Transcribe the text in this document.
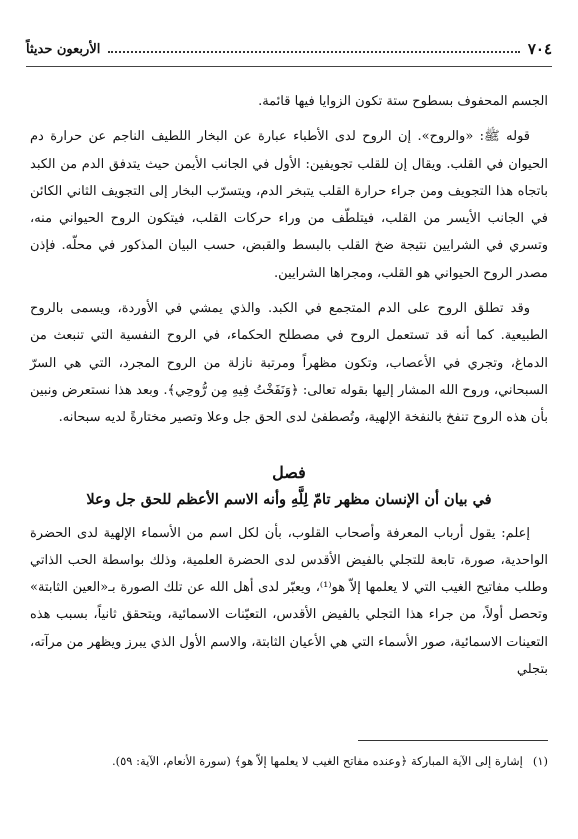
٧٠٤
الأربعون حديثاً

الجسم المحفوف بسطوح ستة تكون الزوايا فيها قائمة.

قوله ﷺ: «والروح». إن الروح لدى الأطباء عبارة عن البخار اللطيف الناجم عن حرارة دم الحيوان في القلب. ويقال إن للقلب تجويفين: الأول في الجانب الأيمن حيث يتدفق الدم من الكبد باتجاه هذا التجويف ومن جراء حرارة القلب يتبخر الدم، ويتسرّب البخار إلى التجويف الثاني الكائن في الجانب الأيسر من القلب، فيتلطّف من وراء حركات القلب، فيتكون الروح الحيواني منه، وتسري في الشرايين نتيجة ضخ القلب بالبسط والقبض، حسب البيان المذكور في محلّه. فإذن مصدر الروح الحيواني هو القلب، ومجراها الشرايين.

وقد تطلق الروح على الدم المتجمع في الكبد. والذي يمشي في الأوردة، ويسمى بالروح الطبيعية. كما أنه قد تستعمل الروح في مصطلح الحكماء، في الروح النفسية التي تنبعث من الدماغ، وتجري في الأعصاب، وتكون مظهراً ومرتبة نازلة من الروح المجرد، التي هي السرّ السبحاني، وروح الله المشار إليها بقوله تعالى: ﴿وَنَفَخْتُ فِيهِ مِن رُّوحِي﴾. وبعد هذا نستعرض ونبين بأن هذه الروح تنفخ بالنفخة الإلهية، وتُصطفىٰ لدى الحق جل وعلا وتصير مختارةً لديه سبحانه.

فصل
في بيان أن الإنسان مظهر تامّ لِلَّهِ وأنه الاسم الأعظم للحق جل وعلا

إعلم: يقول أرباب المعرفة وأصحاب القلوب، بأن لكل اسم من الأسماء الإلهية لدى الحضرة الواحدية، صورة، تابعة للتجلي بالفيض الأقدس لدى الحضرة العلمية، وذلك بواسطة الحب الذاتي وطلب مفاتيح الغيب التي لا يعلمها إلاّ هو⁽¹⁾، ويعبّر لدى أهل الله عن تلك الصورة بـ«العين الثابتة» وتحصل أولاً، من جراء هذا التجلي بالفيض الأقدس، التعيّنات الاسمائية، ويتحقق ثانياً، بسبب هذه التعينات الاسمائية، صور الأسماء التي هي الأعيان الثابتة، والاسم الأول الذي يبرز ويظهر من مرآته، بتجلي

(١)إشارة إلى الآية المباركة ﴿وعنده مفاتح الغيب لا يعلمها إلاّ هو﴾ (سورة الأنعام، الآية: ٥٩).
